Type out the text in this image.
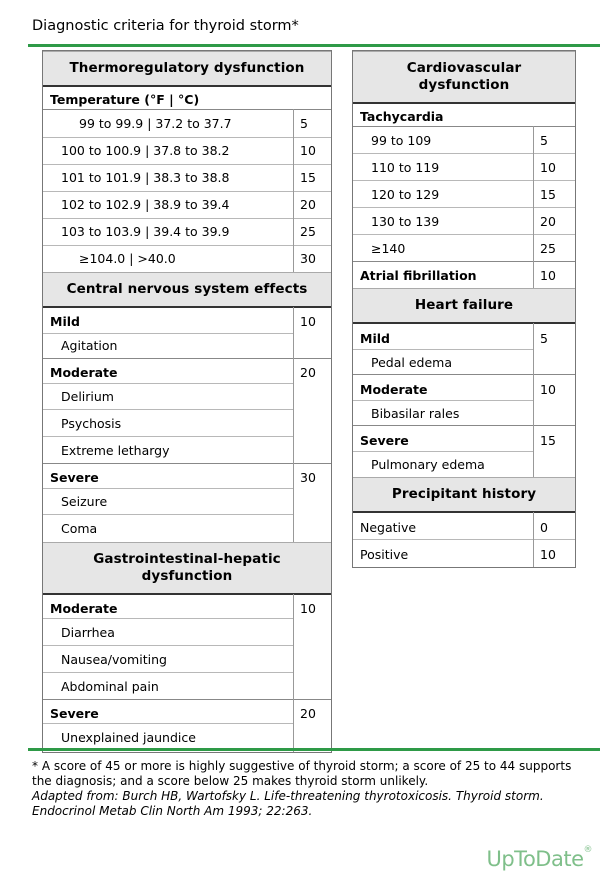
Diagnostic criteria for thyroid storm*
Thermoregulatory dysfunction
Temperature (°F | °C)
99 to 99.9 | 37.2 to 37.7	5
100 to 100.9 | 37.8 to 38.2	10
101 to 101.9 | 38.3 to 38.8	15
102 to 102.9 | 38.9 to 39.4	20
103 to 103.9 | 39.4 to 39.9	25
≥104.0 | >40.0	30
Central nervous system effects
Mild	10
Agitation
Moderate	20
Delirium
Psychosis
Extreme lethargy
Severe	30
Seizure
Coma
Gastrointestinal-hepatic
dysfunction
Moderate	10
Diarrhea
Nausea/vomiting
Abdominal pain
Severe	20
Unexplained jaundice
Cardiovascular
dysfunction
Tachycardia
99 to 109	5
110 to 119	10
120 to 129	15
130 to 139	20
≥140	25
Atrial fibrillation	10
Heart failure
Mild	5
Pedal edema
Moderate	10
Bibasilar rales
Severe	15
Pulmonary edema
Precipitant history
Negative	0
Positive	10
* A score of 45 or more is highly suggestive of thyroid storm; a score of 25 to 44 supports the diagnosis; and a score below 25 makes thyroid storm unlikely.
Adapted from: Burch HB, Wartofsky L. Life-threatening thyrotoxicosis. Thyroid storm. Endocrinol Metab Clin North Am 1993; 22:263.
UpToDate®
